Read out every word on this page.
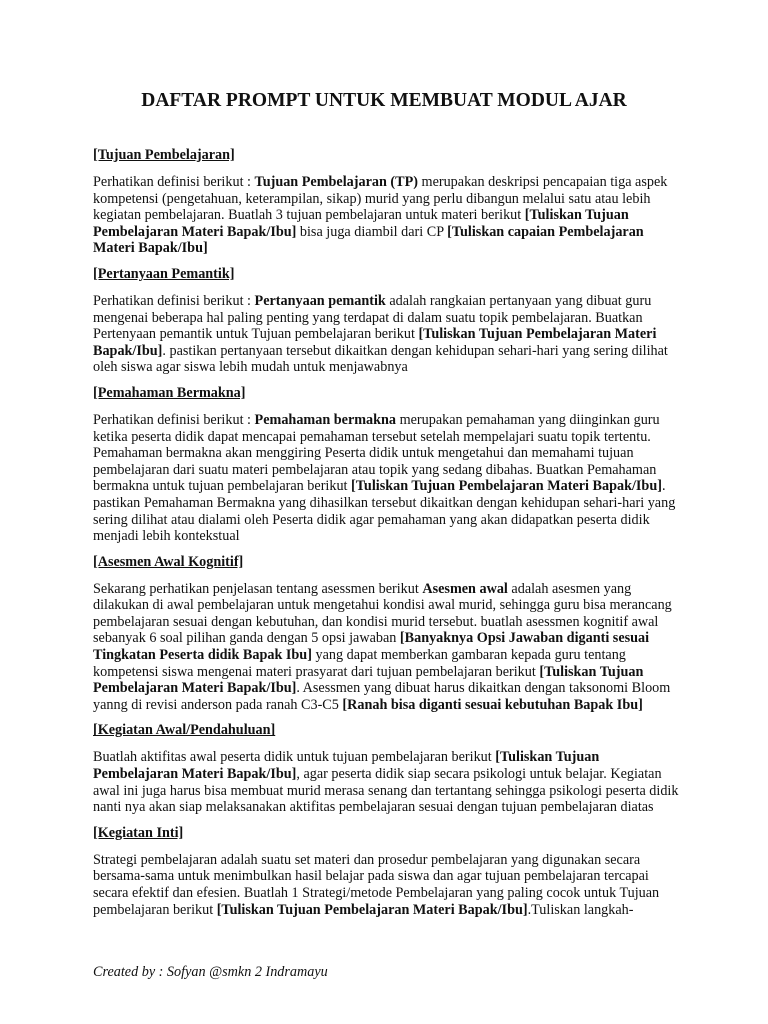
DAFTAR PROMPT UNTUK MEMBUAT MODUL AJAR
[Tujuan Pembelajaran]
Perhatikan definisi berikut : Tujuan Pembelajaran (TP) merupakan deskripsi pencapaian tiga aspek kompetensi (pengetahuan, keterampilan, sikap) murid yang perlu dibangun melalui satu atau lebih kegiatan pembelajaran. Buatlah 3 tujuan pembelajaran untuk materi berikut [Tuliskan Tujuan Pembelajaran Materi Bapak/Ibu] bisa juga diambil dari CP [Tuliskan capaian Pembelajaran Materi Bapak/Ibu]
[Pertanyaan Pemantik]
Perhatikan definisi berikut : Pertanyaan pemantik adalah rangkaian pertanyaan yang dibuat guru mengenai beberapa hal paling penting yang terdapat di dalam suatu topik pembelajaran. Buatkan Pertenyaan pemantik untuk Tujuan pembelajaran berikut [Tuliskan Tujuan Pembelajaran Materi Bapak/Ibu]. pastikan pertanyaan tersebut dikaitkan dengan kehidupan sehari-hari yang sering dilihat oleh siswa agar siswa lebih mudah untuk menjawabnya
[Pemahaman Bermakna]
Perhatikan definisi berikut : Pemahaman bermakna merupakan pemahaman yang diinginkan guru ketika peserta didik dapat mencapai pemahaman tersebut setelah mempelajari suatu topik tertentu. Pemahaman bermakna akan menggiring Peserta didik untuk mengetahui dan memahami tujuan pembelajaran dari suatu materi pembelajaran atau topik yang sedang dibahas. Buatkan Pemahaman bermakna untuk tujuan pembelajaran berikut [Tuliskan Tujuan Pembelajaran Materi Bapak/Ibu]. pastikan Pemahaman Bermakna yang dihasilkan tersebut dikaitkan dengan kehidupan sehari-hari yang sering dilihat atau dialami oleh Peserta didik agar pemahaman yang akan didapatkan peserta didik menjadi lebih kontekstual
[Asesmen Awal Kognitif]
Sekarang perhatikan penjelasan tentang asessmen berikut Asesmen awal adalah asesmen yang dilakukan di awal pembelajaran untuk mengetahui kondisi awal murid, sehingga guru bisa merancang pembelajaran sesuai dengan kebutuhan, dan kondisi murid tersebut. buatlah asessmen kognitif awal sebanyak 6 soal pilihan ganda dengan 5 opsi jawaban [Banyaknya Opsi Jawaban diganti sesuai Tingkatan Peserta didik Bapak Ibu] yang dapat memberkan gambaran kepada guru tentang kompetensi siswa mengenai materi prasyarat dari tujuan pembelajaran berikut [Tuliskan Tujuan Pembelajaran Materi Bapak/Ibu]. Asessmen yang dibuat harus dikaitkan dengan taksonomi Bloom yanng di revisi anderson pada ranah C3-C5 [Ranah bisa diganti sesuai kebutuhan Bapak Ibu]
[Kegiatan Awal/Pendahuluan]
Buatlah aktifitas awal peserta didik untuk tujuan pembelajaran berikut [Tuliskan Tujuan Pembelajaran Materi Bapak/Ibu], agar peserta didik siap secara psikologi untuk belajar. Kegiatan awal ini juga harus bisa membuat murid merasa senang dan tertantang sehingga psikologi peserta didik nanti nya akan siap melaksanakan aktifitas pembelajaran sesuai dengan tujuan pembelajaran diatas
[Kegiatan Inti]
Strategi pembelajaran adalah suatu set materi dan prosedur pembelajaran yang digunakan secara bersama-sama untuk menimbulkan hasil belajar pada siswa dan agar tujuan pembelajaran tercapai secara efektif dan efesien. Buatlah 1 Strategi/metode Pembelajaran yang paling cocok untuk Tujuan pembelajaran berikut [Tuliskan Tujuan Pembelajaran Materi Bapak/Ibu].Tuliskan langkah-
Created by : Sofyan @smkn 2 Indramayu
